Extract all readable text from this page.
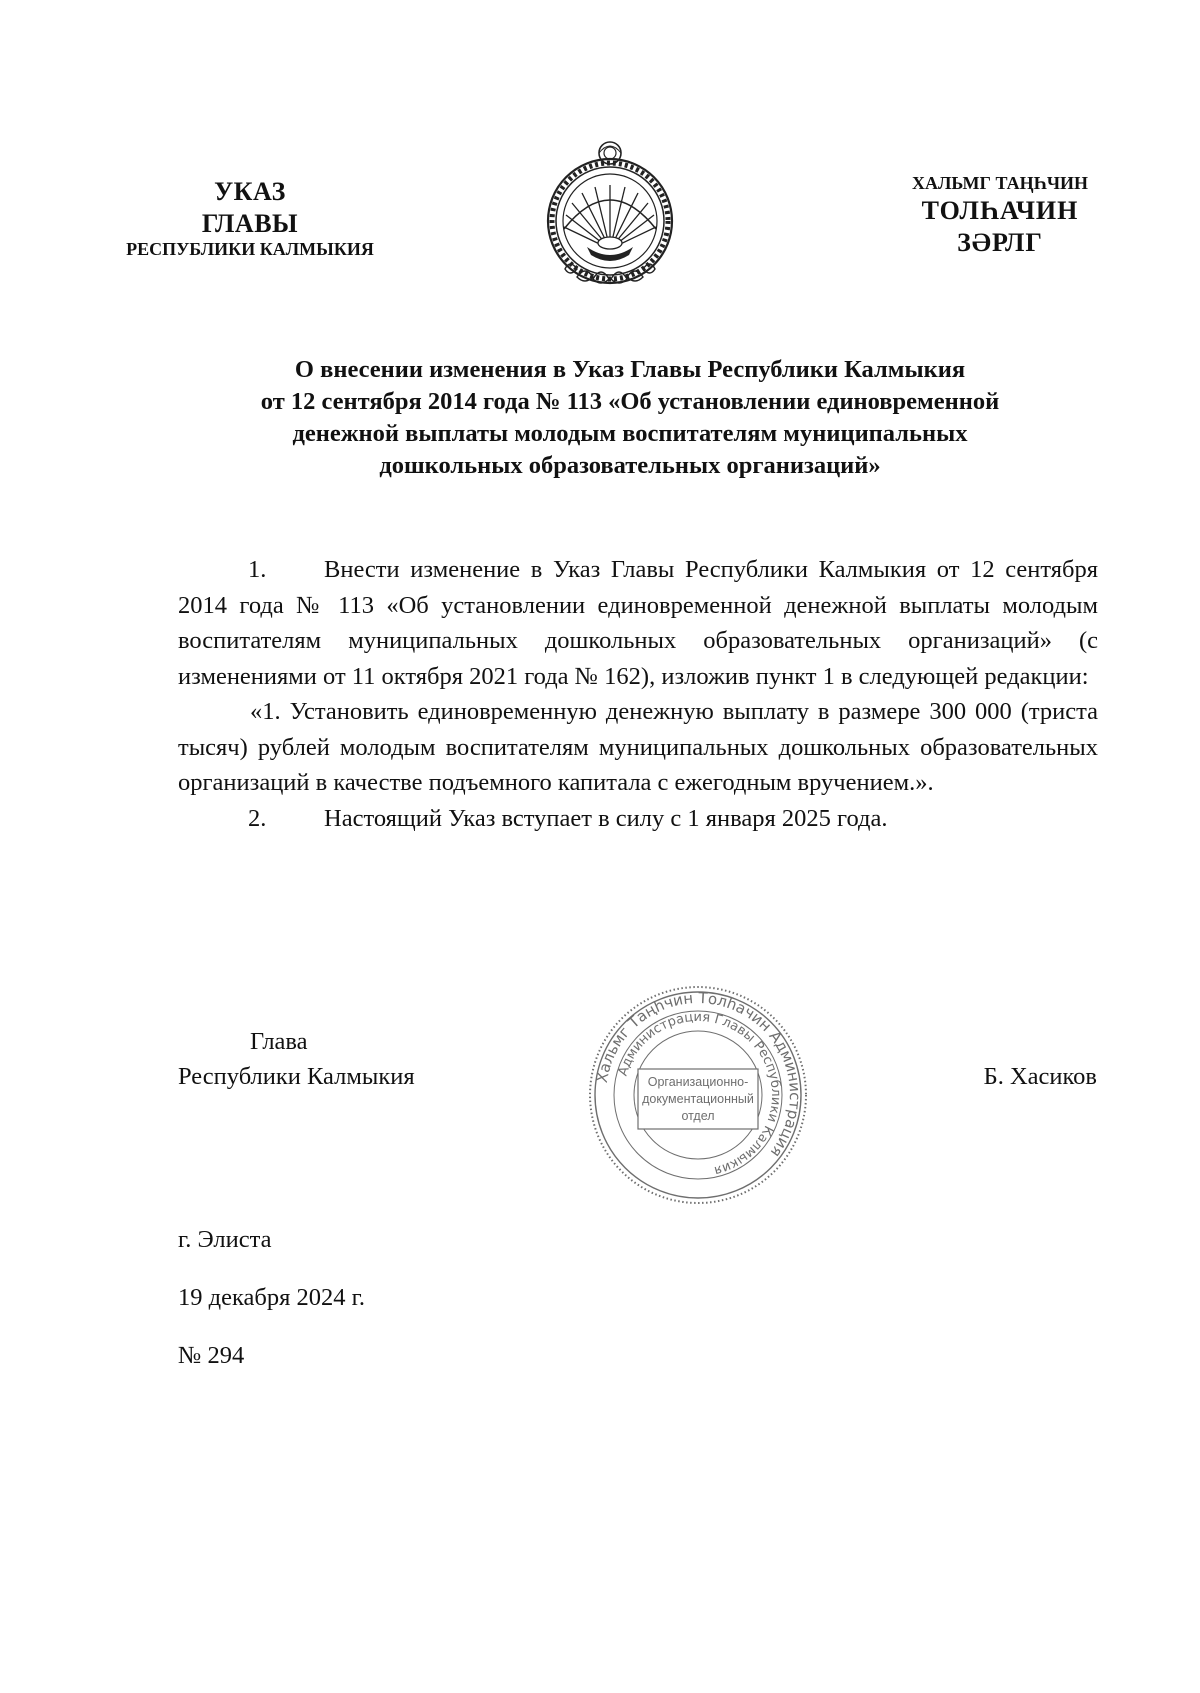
УКАЗ
ГЛАВЫ
РЕСПУБЛИКИ КАЛМЫКИЯ
ХАЛЬМГ ТАҢҺЧИН
ТОЛҺАЧИН
ЗӘРЛГ
О внесении изменения в Указ Главы Республики Калмыкия
от 12 сентября 2014 года № 113 «Об установлении единовременной
денежной выплаты молодым воспитателям муниципальных
дошкольных образовательных организаций»

1. Внести изменение в Указ Главы Республики Калмыкия от 12 сентября 2014 года № 113 «Об установлении единовременной денежной выплаты молодым воспитателям муниципальных дошкольных образовательных организаций» (с изменениями от 11 октября 2021 года № 162), изложив пункт 1 в следующей редакции:

«1. Установить единовременную денежную выплату в размере 300 000 (триста тысяч) рублей молодым воспитателям муниципальных дошкольных образовательных организаций в качестве подъемного капитала с ежегодным вручением.».

2. Настоящий Указ вступает в силу с 1 января 2025 года.

Глава
Республики Калмыкия	Хальмг Таңһчин Толһачин Администрация
Администрация Главы Республики Калмыкия
Организационно-
документационный
отдел
Б. Хасиков
г. Элиста
19 декабря 2024 г.
№ 294
